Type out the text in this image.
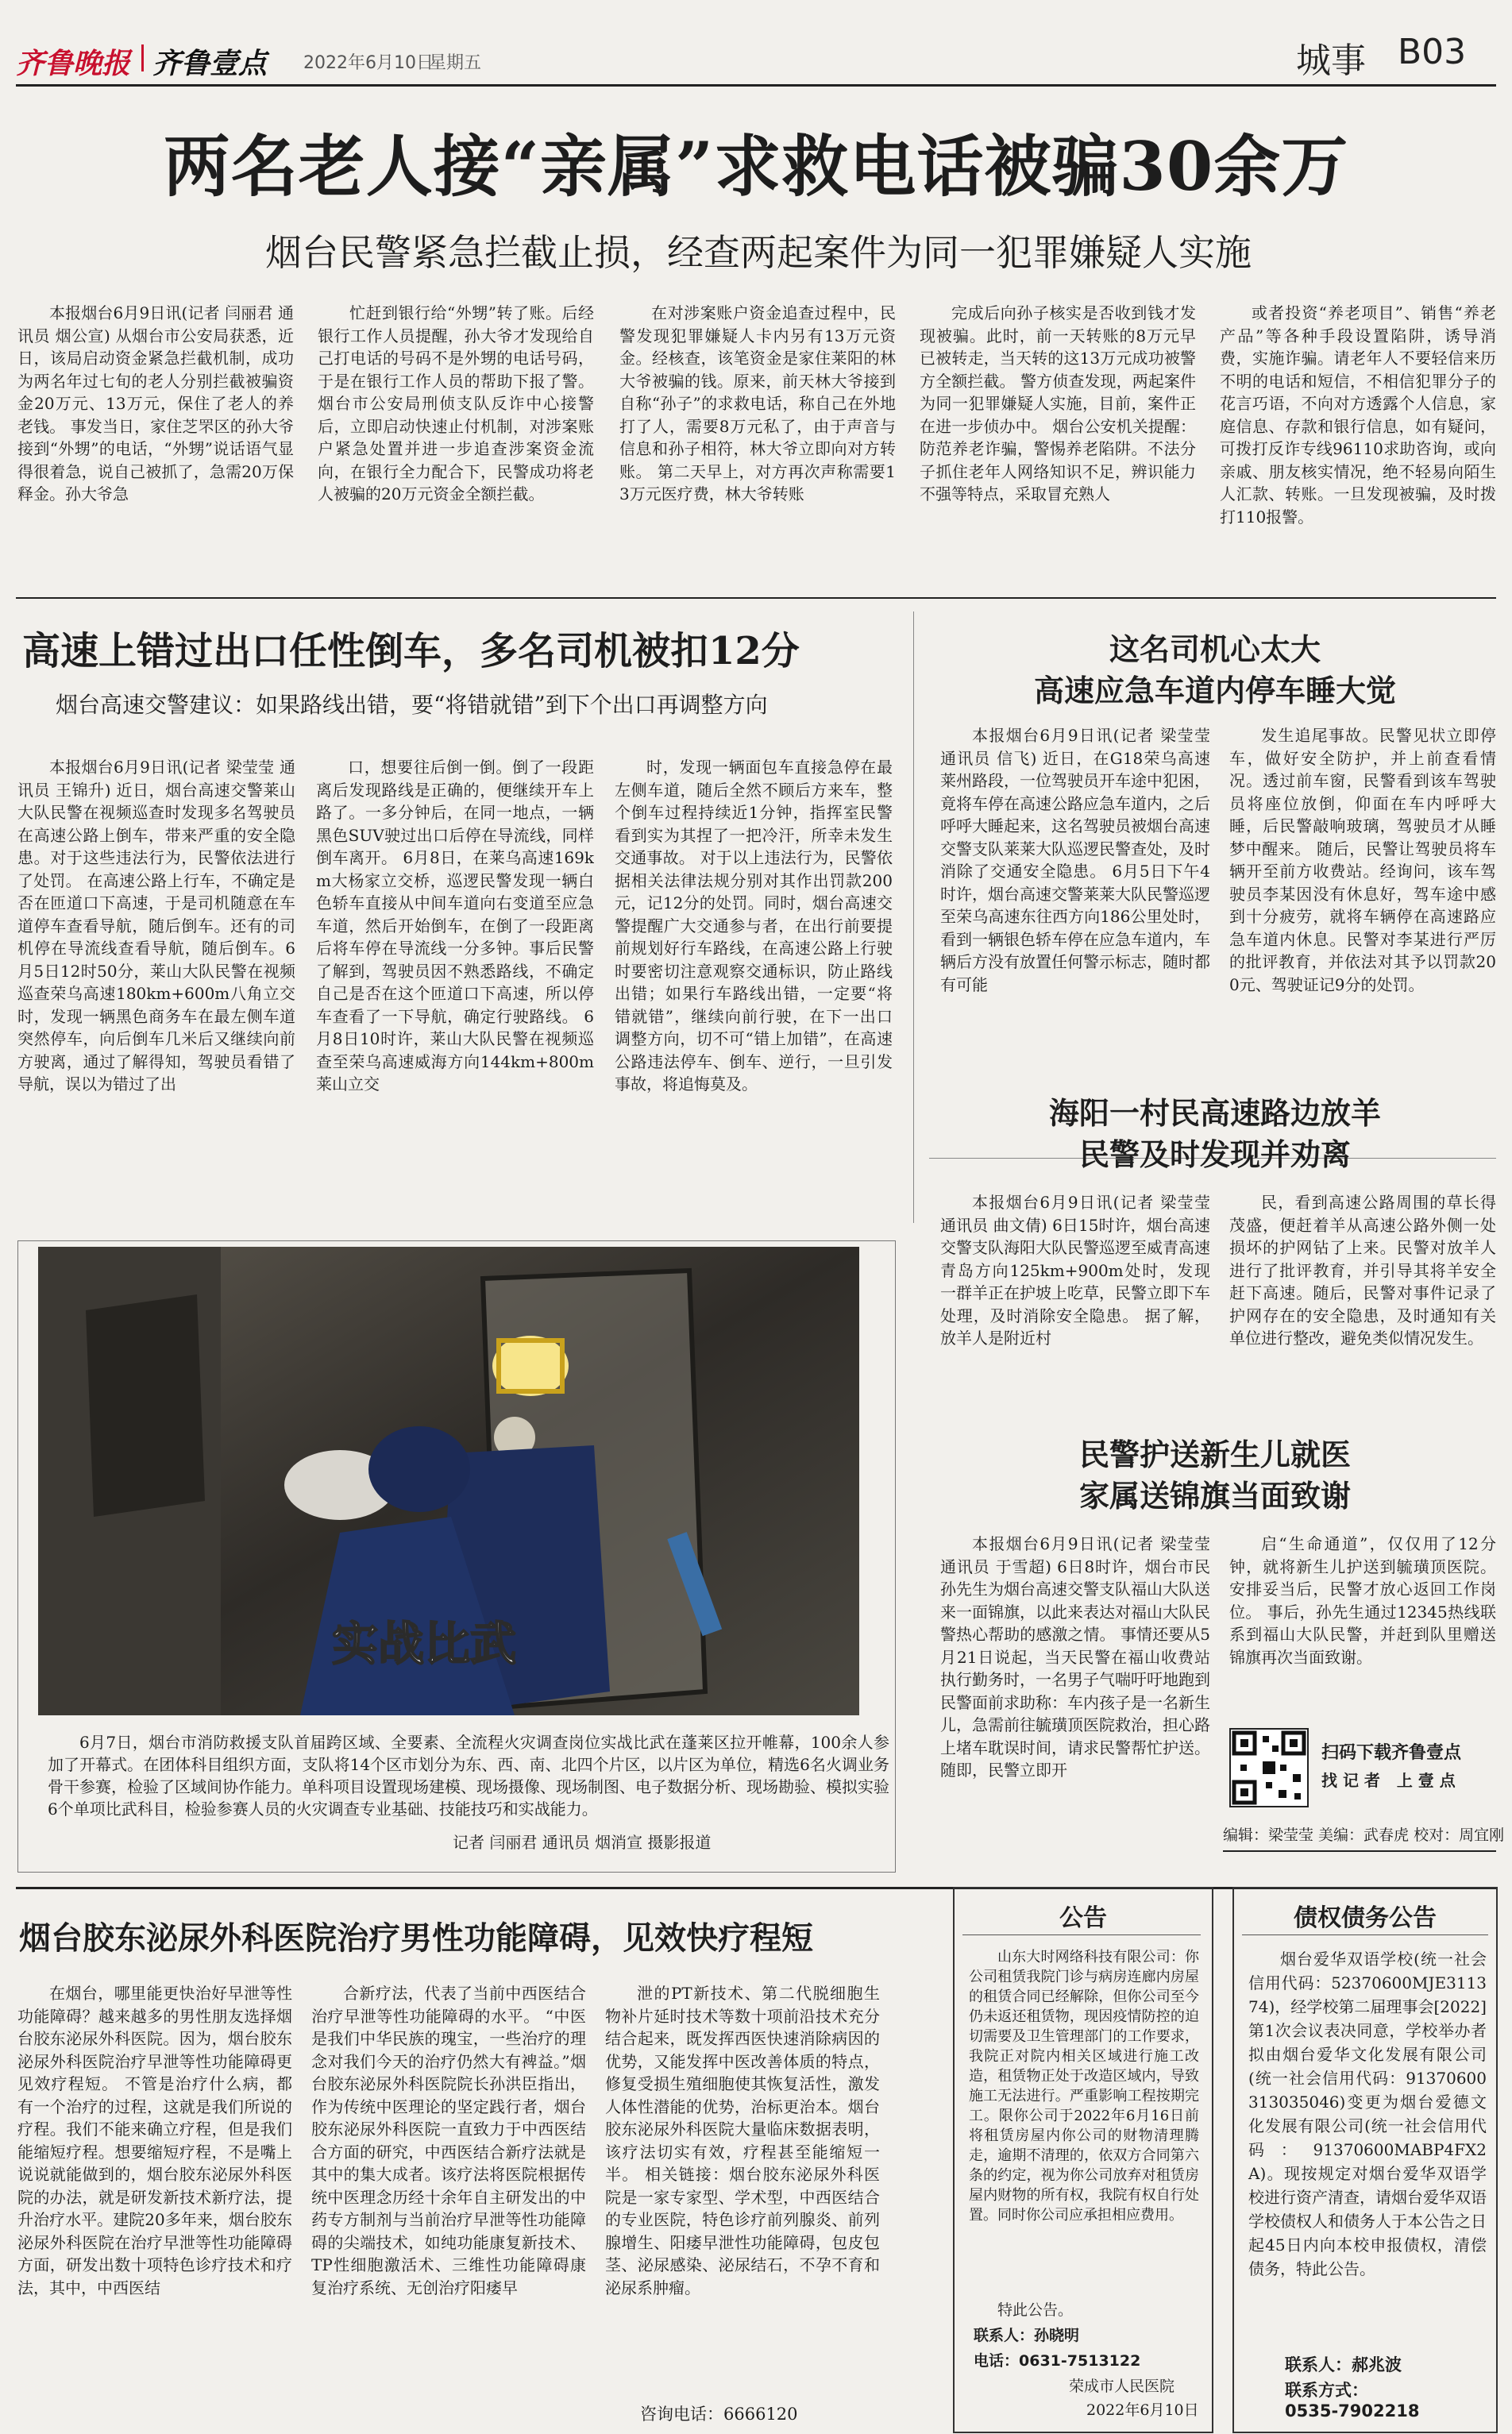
齐鲁晚报 齐鲁壹点 2022年6月10日
星期五	城事 B03
两名老人接“亲属”求救电话被骗30余万
烟台民警紧急拦截止损，经查两起案件为同一犯罪嫌疑人实施

本报烟台6月9日讯(记者 闫丽君 通讯员 烟公宣) 从烟台市公安局获悉，近日，该局启动资金紧急拦截机制，成功为两名年过七旬的老人分别拦截被骗资金20万元、13万元，保住了老人的养老钱。 事发当日，家住芝罘区的孙大爷接到“外甥”的电话，“外甥”说话语气显得很着急，说自己被抓了，急需20万保释金。孙大爷急

忙赶到银行给“外甥”转了账。后经银行工作人员提醒，孙大爷才发现给自己打电话的号码不是外甥的电话号码，于是在银行工作人员的帮助下报了警。 烟台市公安局刑侦支队反诈中心接警后，立即启动快速止付机制，对涉案账户紧急处置并进一步追查涉案资金流向，在银行全力配合下，民警成功将老人被骗的20万元资金全额拦截。

在对涉案账户资金追查过程中，民警发现犯罪嫌疑人卡内另有13万元资金。经核查，该笔资金是家住莱阳的林大爷被骗的钱。原来，前天林大爷接到自称“孙子”的求救电话，称自己在外地打了人，需要8万元私了，由于声音与信息和孙子相符，林大爷立即向对方转账。 第二天早上，对方再次声称需要13万元医疗费，林大爷转账

完成后向孙子核实是否收到钱才发现被骗。此时，前一天转账的8万元早已被转走，当天转的这13万元成功被警方全额拦截。 警方侦查发现，两起案件为同一犯罪嫌疑人实施，目前，案件正在进一步侦办中。 烟台公安机关提醒：防范养老诈骗，警惕养老陷阱。不法分子抓住老年人网络知识不足，辨识能力不强等特点，采取冒充熟人

或者投资“养老项目”、销售“养老产品”等各种手段设置陷阱，诱导消费，实施诈骗。请老年人不要轻信来历不明的电话和短信，不相信犯罪分子的花言巧语，不向对方透露个人信息，家庭信息、存款和银行信息，如有疑问，可拨打反诈专线96110求助咨询，或向亲戚、朋友核实情况，绝不轻易向陌生人汇款、转账。一旦发现被骗，及时拨打110报警。

高速上错过出口任性倒车，多名司机被扣12分
烟台高速交警建议：如果路线出错，要“将错就错”到下个出口再调整方向

本报烟台6月9日讯(记者 梁莹莹 通讯员 王锦升) 近日，烟台高速交警莱山大队民警在视频巡查时发现多名驾驶员在高速公路上倒车，带来严重的安全隐患。对于这些违法行为，民警依法进行了处罚。 在高速公路上行车，不确定是否在匝道口下高速，于是司机随意在车道停车查看导航，随后倒车。还有的司机停在导流线查看导航，随后倒车。6月5日12时50分，莱山大队民警在视频巡查荣乌高速180km+600m八角立交时，发现一辆黑色商务车在最左侧车道突然停车，向后倒车几米后又继续向前方驶离，通过了解得知，驾驶员看错了导航，误以为错过了出

口，想要往后倒一倒。倒了一段距离后发现路线是正确的，便继续开车上路了。一多分钟后，在同一地点，一辆黑色SUV驶过出口后停在导流线，同样倒车离开。 6月8日，在莱乌高速169km大杨家立交桥，巡逻民警发现一辆白色轿车直接从中间车道向右变道至应急车道，然后开始倒车，在倒了一段距离后将车停在导流线一分多钟。事后民警了解到，驾驶员因不熟悉路线，不确定自己是否在这个匝道口下高速，所以停车查看了一下导航，确定行驶路线。 6月8日10时许，莱山大队民警在视频巡查至荣乌高速威海方向144km+800m莱山立交

时，发现一辆面包车直接急停在最左侧车道，随后全然不顾后方来车，整个倒车过程持续近1分钟，指挥室民警看到实为其捏了一把冷汗，所幸未发生交通事故。 对于以上违法行为，民警依据相关法律法规分别对其作出罚款200元，记12分的处罚。同时，烟台高速交警提醒广大交通参与者，在出行前要提前规划好行车路线，在高速公路上行驶时要密切注意观察交通标识，防止路线出错；如果行车路线出错，一定要“将错就错”，继续向前行驶，在下一出口调整方向，切不可“错上加错”，在高速公路违法停车、倒车、逆行，一旦引发事故，将追悔莫及。

实战比武

6月7日，烟台市消防救援支队首届跨区域、全要素、全流程火灾调查岗位实战比武在蓬莱区拉开帷幕，100余人参加了开幕式。在团体科目组织方面，支队将14个区市划分为东、西、南、北四个片区，以片区为单位，精选6名火调业务骨干参赛，检验了区域间协作能力。单科项目设置现场建模、现场摄像、现场制图、电子数据分析、现场勘验、模拟实验6个单项比武科目，检验参赛人员的火灾调查专业基础、技能技巧和实战能力。

记者 闫丽君 通讯员 烟消宣 摄影报道
这名司机心太大
高速应急车道内停车睡大觉

本报烟台6月9日讯(记者 梁莹莹 通讯员 信飞) 近日，在G18荣乌高速莱州路段，一位驾驶员开车途中犯困，竟将车停在高速公路应急车道内，之后呼呼大睡起来，这名驾驶员被烟台高速交警支队莱莱大队巡逻民警查处，及时消除了交通安全隐患。 6月5日下午4时许，烟台高速交警莱莱大队民警巡逻至荣乌高速东往西方向186公里处时，看到一辆银色轿车停在应急车道内，车辆后方没有放置任何警示标志，随时都有可能

发生追尾事故。民警见状立即停车，做好安全防护，并上前查看情况。透过前车窗，民警看到该车驾驶员将座位放倒，仰面在车内呼呼大睡，后民警敲响玻璃，驾驶员才从睡梦中醒来。 随后，民警让驾驶员将车辆开至前方收费站。经询问，该车驾驶员李某因没有休息好，驾车途中感到十分疲劳，就将车辆停在高速路应急车道内休息。民警对李某进行严厉的批评教育，并依法对其予以罚款200元、驾驶证记9分的处罚。

海阳一村民高速路边放羊
民警及时发现并劝离

本报烟台6月9日讯(记者 梁莹莹 通讯员 曲文倩) 6日15时许，烟台高速交警支队海阳大队民警巡逻至威青高速青岛方向125km+900m处时，发现一群羊正在护坡上吃草，民警立即下车处理，及时消除安全隐患。 据了解，放羊人是附近村

民，看到高速公路周围的草长得茂盛，便赶着羊从高速公路外侧一处损坏的护网钻了上来。民警对放羊人进行了批评教育，并引导其将羊安全赶下高速。随后，民警对事件记录了护网存在的安全隐患，及时通知有关单位进行整改，避免类似情况发生。

民警护送新生儿就医
家属送锦旗当面致谢

本报烟台6月9日讯(记者 梁莹莹 通讯员 于雪超) 6日8时许，烟台市民孙先生为烟台高速交警支队福山大队送来一面锦旗，以此来表达对福山大队民警热心帮助的感激之情。 事情还要从5月21日说起，当天民警在福山收费站执行勤务时，一名男子气喘吁吁地跑到民警面前求助称：车内孩子是一名新生儿，急需前往毓璜顶医院救治，担心路上堵车耽误时间，请求民警帮忙护送。随即，民警立即开

启“生命通道”，仅仅用了12分钟，就将新生儿护送到毓璜顶医院。安排妥当后，民警才放心返回工作岗位。 事后，孙先生通过12345热线联系到福山大队民警，并赶到队里赠送锦旗再次当面致谢。

扫码下载齐鲁壹点
找 记 者   上 壹 点
编辑：梁莹莹 美编：武春虎 校对：周宜刚
烟台胶东泌尿外科医院治疗男性功能障碍，见效快疗程短

在烟台，哪里能更快治好早泄等性功能障碍？越来越多的男性朋友选择烟台胶东泌尿外科医院。因为，烟台胶东泌尿外科医院治疗早泄等性功能障碍更见效疗程短。 不管是治疗什么病，都有一个治疗的过程，这就是我们所说的疗程。我们不能来确立疗程，但是我们能缩短疗程。想要缩短疗程，不是嘴上说说就能做到的，烟台胶东泌尿外科医院的办法，就是研发新技术新疗法，提升治疗水平。建院20多年来，烟台胶东泌尿外科医院在治疗早泄等性功能障碍方面，研发出数十项特色诊疗技术和疗法，其中，中西医结

合新疗法，代表了当前中西医结合治疗早泄等性功能障碍的水平。 “中医是我们中华民族的瑰宝，一些治疗的理念对我们今天的治疗仍然大有裨益。”烟台胶东泌尿外科医院院长孙洪臣指出，作为传统中医理论的坚定践行者，烟台胶东泌尿外科医院一直致力于中西医结合方面的研究，中西医结合新疗法就是其中的集大成者。该疗法将医院根据传统中医理念历经十余年自主研发出的中药专方制剂与当前治疗早泄等性功能障碍的尖端技术，如纯功能康复新技术、TP性细胞激活术、三维性功能障碍康复治疗系统、无创治疗阳痿早

泄的PT新技术、第二代脱细胞生物补片延时技术等数十项前沿技术充分结合起来，既发挥西医快速消除病因的优势，又能发挥中医改善体质的特点，修复受损生殖细胞使其恢复活性，激发人体性潜能的优势，治标更治本。烟台胶东泌尿外科医院大量临床数据表明，该疗法切实有效，疗程甚至能缩短一半。 相关链接：烟台胶东泌尿外科医院是一家专家型、学术型，中西医结合的专业医院，特色诊疗前列腺炎、前列腺增生、阳痿早泄性功能障碍，包皮包茎、泌尿感染、泌尿结石，不孕不育和泌尿系肿瘤。

咨询电话：6666120
公告

山东大时网络科技有限公司：你公司租赁我院门诊与病房连廊内房屋的租赁合同已经解除，但你公司至今仍未返还租赁物，现因疫情防控的迫切需要及卫生管理部门的工作要求，我院正对院内相关区域进行施工改造，租赁物正处于改造区域内，导致施工无法进行。严重影响工程按期完工。限你公司于2022年6月16日前将租赁房屋内你公司的财物清理腾走，逾期不清理的，依双方合同第六条的约定，视为你公司放弃对租赁房屋内财物的所有权，我院有权自行处置。同时你公司应承担相应费用。

特此公告。
联系人：孙晓明
电话：0631-7513122
荣成市人民医院
2022年6月10日
债权债务公告

烟台爱华双语学校(统一社会信用代码：52370600MJE311374)，经学校第二届理事会[2022]第1次会议表决同意，学校举办者拟由烟台爱华文化发展有限公司(统一社会信用代码：91370600313035046)变更为烟台爱德文化发展有限公司(统一社会信用代码：91370600MABP4FX2A)。现按规定对烟台爱华双语学校进行资产清查，请烟台爱华双语学校债权人和债务人于本公告之日起45日内向本校申报债权，清偿债务，特此公告。

联系人：郝兆波
联系方式：
0535-7902218
